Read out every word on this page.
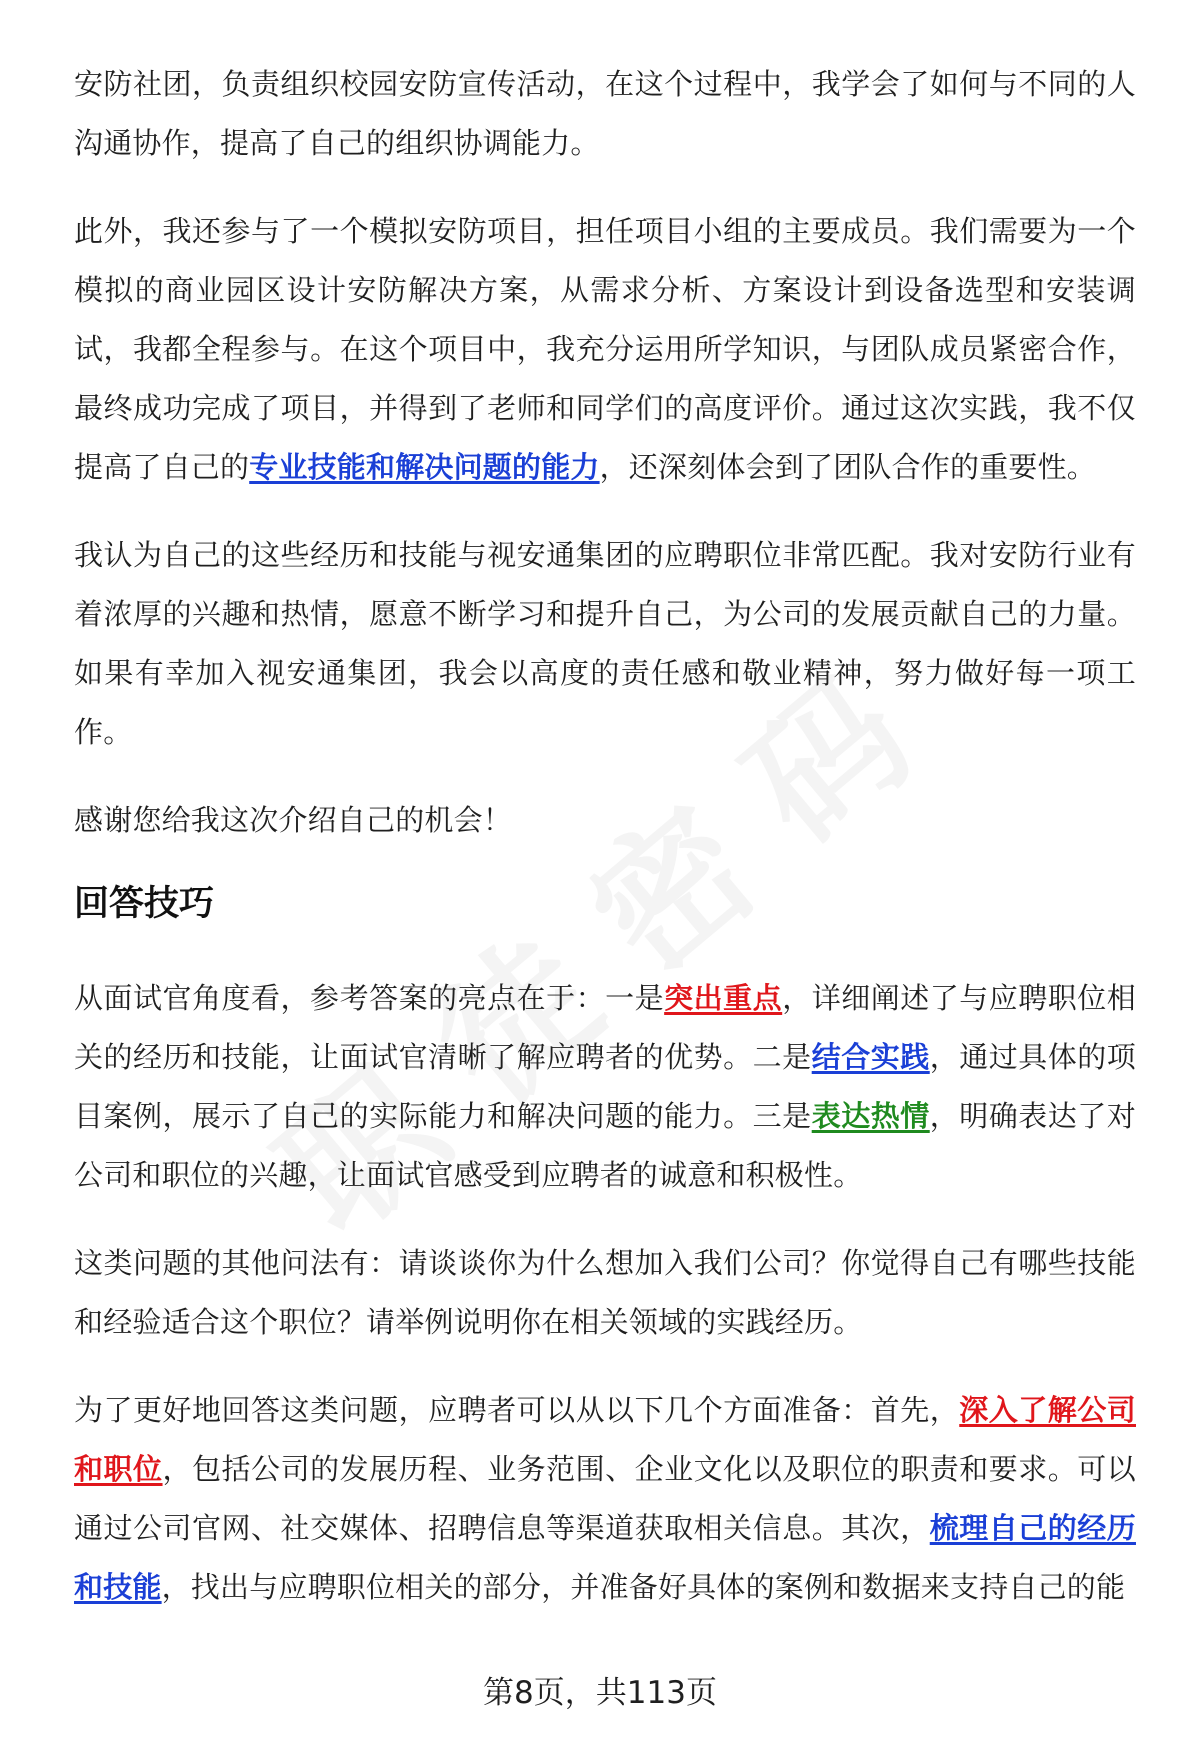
安防社团，负责组织校园安防宣传活动，在这个过程中，我学会了如何与不同的人沟通协作，提高了自己的组织协调能力。

此外，我还参与了一个模拟安防项目，担任项目小组的主要成员。我们需要为一个模拟的商业园区设计安防解决方案，从需求分析、方案设计到设备选型和安装调试，我都全程参与。在这个项目中，我充分运用所学知识，与团队成员紧密合作，最终成功完成了项目，并得到了老师和同学们的高度评价。通过这次实践，我不仅提高了自己的专业技能和解决问题的能力，还深刻体会到了团队合作的重要性。

我认为自己的这些经历和技能与视安通集团的应聘职位非常匹配。我对安防行业有着浓厚的兴趣和热情，愿意不断学习和提升自己，为公司的发展贡献自己的力量。如果有幸加入视安通集团，我会以高度的责任感和敬业精神，努力做好每一项工作。

感谢您给我这次介绍自己的机会！

回答技巧

从面试官角度看，参考答案的亮点在于：一是突出重点，详细阐述了与应聘职位相关的经历和技能，让面试官清晰了解应聘者的优势。二是结合实践，通过具体的项目案例，展示了自己的实际能力和解决问题的能力。三是表达热情，明确表达了对公司和职位的兴趣，让面试官感受到应聘者的诚意和积极性。

这类问题的其他问法有：请谈谈你为什么想加入我们公司？你觉得自己有哪些技能和经验适合这个职位？请举例说明你在相关领域的实践经历。

为了更好地回答这类问题，应聘者可以从以下几个方面准备：首先，深入了解公司和职位，包括公司的发展历程、业务范围、企业文化以及职位的职责和要求。可以通过公司官网、社交媒体、招聘信息等渠道获取相关信息。其次，梳理自己的经历和技能，找出与应聘职位相关的部分，并准备好具体的案例和数据来支持自己的能

第8页，共113页
